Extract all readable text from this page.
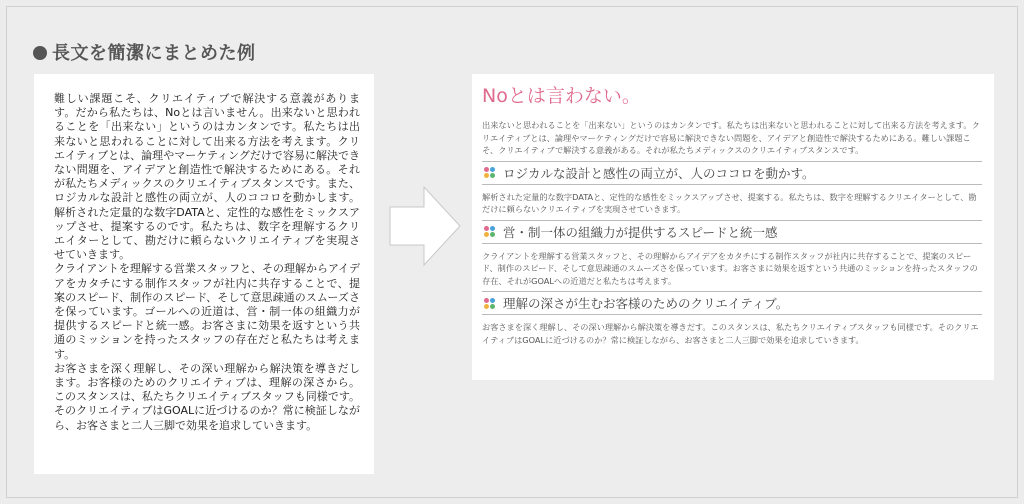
長文を簡潔にまとめた例

難しい課題こそ、クリエイティブで解決する意義があります。だから私たちは、Noとは言いません。出来ないと思われることを「出来ない」というのはカンタンです。私たちは出来ないと思われることに対して出来る方法を考えます。クリエイティブとは、論理やマーケティングだけで容易に解決できない問題を、アイデアと創造性で解決するためにある。それが私たちメディックスのクリエイティブスタンスです。また、ロジカルな設計と感性の両立が、人のココロを動かします。解析された定量的な数字DATAと、定性的な感性をミックスアップさせ、提案するのです。私たちは、数字を理解するクリエイターとして、勘だけに頼らないクリエイティブを実現させていきます。

クライアントを理解する営業スタッフと、その理解からアイデアをカタチにする制作スタッフが社内に共存することで、提案のスピード、制作のスピード、そして意思疎通のスムーズさを保っています。ゴールへの近道は、営・制一体の組織力が提供するスピードと統一感。お客さまに効果を返すという共通のミッションを持ったスタッフの存在だと私たちは考えます。

お客さまを深く理解し、その深い理解から解決策を導きだします。お客様のためのクリエイティブは、理解の深さから。このスタンスは、私たちクリエイティブスタッフも同様です。そのクリエイティブはGOALに近づけるのか？常に検証しながら、お客さまと二人三脚で効果を追求していきます。

Noとは言わない。

出来ないと思われることを「出来ない」というのはカンタンです。私たちは出来ないと思われることに対して出来る方法を考えます。クリエイティブとは、論理やマーケティングだけで容易に解決できない問題を、アイデアと創造性で解決するためにある。難しい課題こそ、クリエイティブで解決する意義がある。それが私たちメディックスのクリエイティブスタンスです。

ロジカルな設計と感性の両立が、人のココロを動かす。

解析された定量的な数字DATAと、定性的な感性をミックスアップさせ、提案する。私たちは、数字を理解するクリエイターとして、勘だけに頼らないクリエイティブを実現させていきます。

営・制一体の組織力が提供するスピードと統一感

クライアントを理解する営業スタッフと、その理解からアイデアをカタチにする制作スタッフが社内に共存することで、提案のスピード、制作のスピード、そして意思疎通のスムーズさを保っています。お客さまに効果を返すという共通のミッションを持ったスタッフの存在、それがGOALへの近道だと私たちは考えます。

理解の深さが生むお客様のためのクリエイティブ。

お客さまを深く理解し、その深い理解から解決策を導きだす。このスタンスは、私たちクリエイティブスタッフも同様です。そのクリエイティブはGOALに近づけるのか？常に検証しながら、お客さまと二人三脚で効果を追求していきます。
